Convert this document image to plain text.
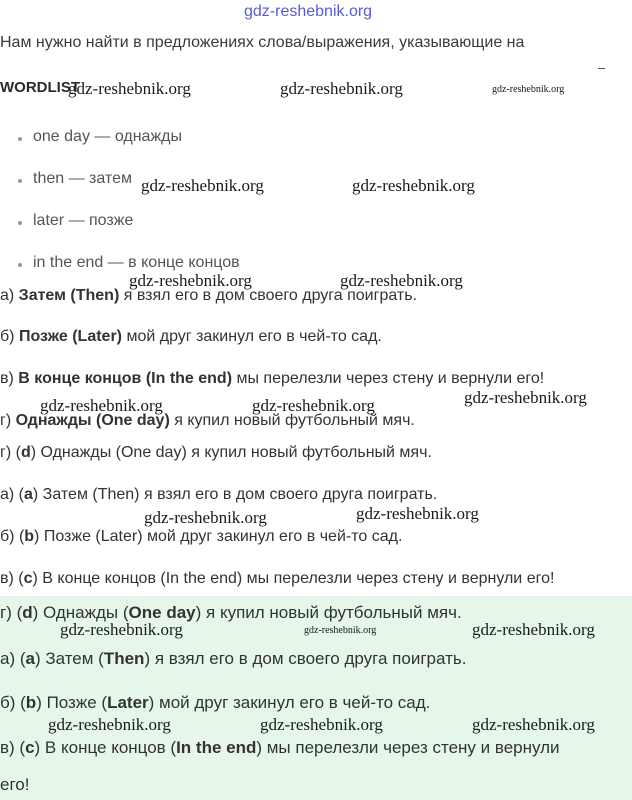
gdz-reshebnik.org
Нам нужно найти в предложениях слова/выражения, указывающие на
WORDLIST
one day — однажды
then — затем
later — позже
in the end — в конце концов
а) Затем (Then) я взял его в дом своего друга поиграть.
б) Позже (Later) мой друг закинул его в чей-то сад.
в) В конце концов (In the end) мы перелезли через стену и вернули его!
г) Однажды (One day) я купил новый футбольный мяч.
г) (d) Однажды (One day) я купил новый футбольный мяч.
а) (a) Затем (Then) я взял его в дом своего друга поиграть.
б) (b) Позже (Later) мой друг закинул его в чей-то сад.
в) (c) В конце концов (In the end) мы перелезли через стену и вернули его!
г) (d) Однажды (One day) я купил новый футбольный мяч.
а) (a) Затем (Then) я взял его в дом своего друга поиграть.
б) (b) Позже (Later) мой друг закинул его в чей-то сад.
в) (c) В конце концов (In the end) мы перелезли через стену и вернули
его!
gdz-reshebnik.org	gdz-reshebnik.org	gdz-reshebnik.org
gdz-reshebnik.org	gdz-reshebnik.org
gdz-reshebnik.org	gdz-reshebnik.org
gdz-reshebnik.org
gdz-reshebnik.org	gdz-reshebnik.org
gdz-reshebnik.org
gdz-reshebnik.org
gdz-reshebnik.org	gdz-reshebnik.org	gdz-reshebnik.org
gdz-reshebnik.org	gdz-reshebnik.org	gdz-reshebnik.org
